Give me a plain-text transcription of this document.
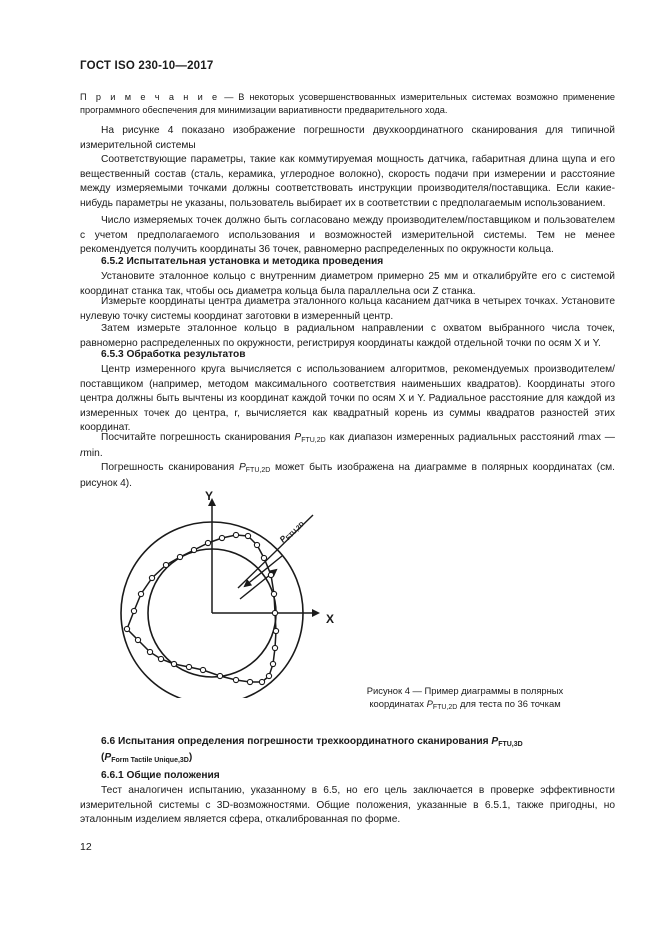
ГОСТ ISO 230-10—2017

П р и м е ч а н и е — В некоторых усовершенствованных измерительных системах возможно применение программного обеспечения для минимизации вариативности предварительного хода.

На рисунке 4 показано изображение погрешности двухкоординатного сканирования для типичной измерительной системы

Соответствующие параметры, такие как коммутируемая мощность датчика, габаритная длина щупа и его вещественный состав (сталь, керамика, углеродное волокно), скорость подачи при измерении и расстояние между измеряемыми точками должны соответствовать инструкции производителя/поставщика. Если какие-нибудь параметры не указаны, пользователь выбирает их в соответствии с предполагаемым использованием.

Число измеряемых точек должно быть согласовано между производителем/поставщиком и пользователем с учетом предполагаемого использования и возможностей измерительной системы. Тем не менее рекомендуется получить координаты 36 точек, равномерно распределенных по окружности кольца.

6.5.2 Испытательная установка и методика проведения

Установите эталонное кольцо с внутренним диаметром примерно 25 мм и откалибруйте его с системой координат станка так, чтобы ось диаметра кольца была параллельна оси Z станка.

Измерьте координаты центра диаметра эталонного кольца касанием датчика в четырех точках. Установите нулевую точку системы координат заготовки в измеренный центр.

Затем измерьте эталонное кольцо в радиальном направлении с охватом выбранного числа точек, равномерно распределенных по окружности, регистрируя координаты каждой отдельной точки по осям X и Y.

6.5.3 Обработка результатов

Центр измеренного круга вычисляется с использованием алгоритмов, рекомендуемых производителем/поставщиком (например, методом максимального соответствия наименьших квадратов). Координаты этого центра должны быть вычтены из координат каждой точки по осям X и Y. Радиальное расстояние для каждой из измеренных точек до центра, r, вычисляется как квадратный корень из суммы квадратов разностей этих координат.

Посчитайте погрешность сканирования PFTU,2D как диапазон измеренных радиальных расстояний rmax — rmin.

Погрешность сканирования PFTU,2D может быть изображена на диаграмме в полярных координатах (см. рисунок 4).

X
Y
$P_{FTU,2D}$
Рисунок 4 — Пример диаграммы в полярных
координатах $P_{FTU,2D}$ для теста по 36 точкам
6.6 Испытания определения погрешности трехкоординатного сканирования PFTU,3D
(PForm Tactile Unique,3D)
6.6.1 Общие положения

Тест аналогичен испытанию, указанному в 6.5, но его цель заключается в проверке эффективности измерительной системы с 3D-возможностями. Общие положения, указанные в 6.5.1, также пригодны, но эталонным изделием является сфера, откалиброванная по форме.

12
